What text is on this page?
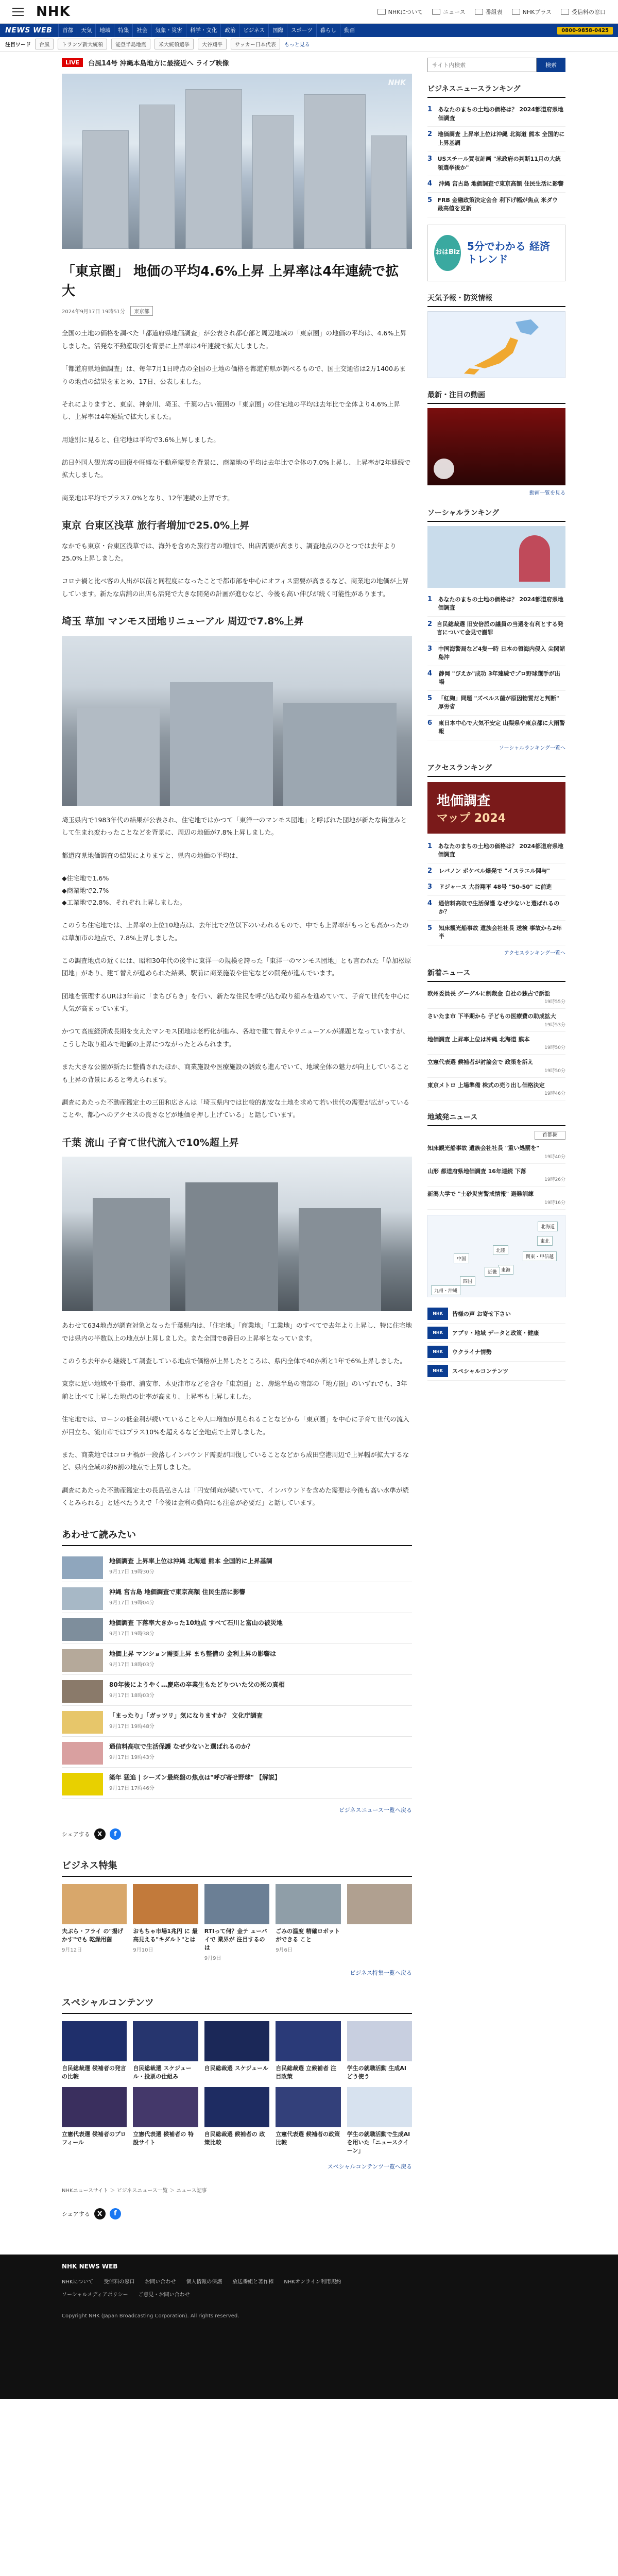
NHK	NHKについて	ニュース	番組表	NHKプラス	受信料の窓口
NEWS WEB	首都	天気	地域	特集	社会	気象・災害	科学・文化	政治	ビジネス	国際	スポーツ	暮らし	動画	0800-9858-0425
注目ワード	台風	トランプ新大統領	能登半島地震	米大統領選挙	大谷翔平	サッカー日本代表	もっと見る
LIVE	台風14号 沖縄本島地方に最接近へ ライブ映像
NHK
「東京圏」 地価の平均4.6%上昇 上昇率は4年連続で拡大
2024年9月17日 19時51分	東京都

全国の土地の価格を調べた「都道府県地価調査」が公表され都心部と周辺地域の「東京圏」の地価の平均は、4.6%上昇しました。活発な不動産取引を背景に上昇率は4年連続で拡大しました。

「都道府県地価調査」は、毎年7月1日時点の全国の土地の価格を都道府県が調べるもので、国土交通省は2万1400あまりの地点の結果をまとめ、17日、公表しました。

それによりますと、東京、神奈川、埼玉、千葉の占い範囲の「東京圏」の住宅地の平均は去年比で全体より4.6%上昇し、上昇率は4年連続で拡大しました。

用途別に見ると、住宅地は平均で3.6%上昇しました。

訪日外国人観光客の回復や旺盛な不動産需要を背景に、商業地の平均は去年比で全体の7.0%上昇し、上昇率が2年連続で拡大しました。

商業地は平均でプラス7.0%となり、12年連続の上昇です。

東京 台東区浅草 旅行者増加で25.0%上昇

なかでも東京・台東区浅草では、海外を含めた旅行者の増加で、出店需要が高まり、調査地点のひとつでは去年より25.0%上昇しました。

コロナ禍と比べ客の人出が以前と同程度になったことで都市部を中心にオフィス需要が高まるなど、商業地の地価が上昇しています。新たな店舗の出店も活発で大きな開発の計画が進むなど、今後も高い伸びが続く可能性があります。

埼玉 草加 マンモス団地リニューアル 周辺で7.8%上昇

埼玉県内で1983年代の結果が公表され、住宅地ではかつて「東洋一のマンモス団地」と呼ばれた団地が新たな街並みとして生まれ変わったことなどを背景に、周辺の地価が7.8%上昇しました。

都道府県地価調査の結果によりますと、県内の地価の平均は、

◆住宅地で1.6%
◆商業地で2.7%
◆工業地で2.8%、それぞれ上昇しました。

このうち住宅地では、上昇率の上位10地点は、去年比で2位以下のいわれるもので、中でも上昇率がもっとも高かったのは草加市の地点で、7.8%上昇しました。

この調査地点の近くには、昭和30年代の後半に東洋一の規模を誇った「東洋一のマンモス団地」とも言われた「草加松原団地」があり、建て替えが進められた結果、駅前に商業施設や住宅などの開発が進んでいます。

団地を管理するURは3年前に「まちびらき」を行い、新たな住民を呼び込む取り組みを進めていて、子育て世代を中心に人気が高まっています。

かつて高度経済成長期を支えたマンモス団地は老朽化が進み、各地で建て替えやリニューアルが課題となっていますが、こうした取り組みで地価の上昇につながったとみられます。

また大きな公園が新たに整備されたほか、商業施設や医療施設の誘致も進んでいて、地域全体の魅力が向上していることも上昇の背景にあると考えられます。

調査にあたった不動産鑑定士の三田和広さんは「埼玉県内では比較的割安な土地を求めて若い世代の需要が広がっていることや、都心へのアクセスの良さなどが地価を押し上げている」と話しています。

千葉 流山 子育て世代流入で10%超上昇

あわせて634地点が調査対象となった千葉県内は、「住宅地」「商業地」「工業地」のすべてで去年より上昇し、特に住宅地では県内の半数以上の地点が上昇しました。また全国で8番目の上昇率となっています。

このうち去年から継続して調査している地点で価格が上昇したところは、県内全体で40か所と1年で6%上昇しました。

東京に近い地域や千葉市、浦安市、木更津市などを含む「東京圏」と、房総半島の南部の「地方圏」のいずれでも、3年前と比べて上昇した地点の比率が高まり、上昇率も上昇しました。

住宅地では、ローンの低金利が続いていることや人口増加が見られることなどから「東京圏」を中心に子育て世代の流入が目立ち、流山市ではプラス10%を超えるなど全地点で上昇しました。

また、商業地ではコロナ禍が一段落しインバウンド需要が回復していることなどから成田空港周辺で上昇幅が拡大するなど、県内全域の約6割の地点で上昇しました。

調査にあたった不動産鑑定士の長島弘さんは「円安傾向が続いていて、インバウンドを含めた需要は今後も高い水準が続くとみられる」と述べたうえで「今後は金利の動向にも注意が必要だ」と話しています。

あわせて読みたい
地価調査 上昇率上位は沖縄 北海道 熊本 全国的に上昇基調
9月17日 19時30分
沖縄 宮古島 地価調査で東京高額 住民生活に影響
9月17日 19時04分
地価調査 下落率大きかった10地点 すべて石川と富山の被災地
9月17日 19時38分
地価上昇 マンション需要上昇 まち整備の 金利上昇の影響は
9月17日 18時03分
80年後にようやく…慶応の卒業生もたどりついた父の死の真相
9月17日 18時03分
「まったり」「ガッツリ」気になりますか？ 文化庁調査
9月17日 19時48分
通信料高収で生活保護 なぜ少ないと選ばれるのか？
9月17日 19時43分
築年 猛追 | シーズン最終盤の焦点は"呼び寄せ野球" 【解説】
9月17日 17時46分
ビジネスニュース一覧へ戻る
シェアする	X	f
ビジネス特集
夫ぶら・フライ の"揚げかす"でも 乾燥用菌
9月12日
おもちゃ市場1兆円 に 最高見える"キダルト"とは
9月10日
RTIって何？金テ ューバイで 業界が 注目するのは
9月9日
ごみの温度 精確ロボットができる こと
9月6日
ビジネス特集一覧へ戻る
スペシャルコンテンツ
自民総裁選 候補者の発言の比較
自民総裁選 スケジュール・投票の仕組み
自民総裁選 スケジュール 自民総裁選 立候補者 注目政策
学生の就職活動 生成AI どう使う
立憲代表選 候補者のプロフィール
立憲代表選 候補者の 特設サイト
自民総裁選 候補者の 政策比較
立憲代表選 候補者の政策比較
学生の就職活動で生成AIを用いた「ニュースクイーン」
スペシャルコンテンツ一覧へ戻る
NHKニュースサイト ＞ ビジネスニュース一覧 ＞ ニュース記事
シェアする	X	f
サイト内検索
検索
ビジネスニュースランキング
1	あなたのまちの土地の価格は？ 2024都道府県地価調査
2 地価調査 上昇率上位は沖縄 北海道 熊本 全国的に上昇基調
3 USスチール買収計画 "米政府の判断11月の大統領選挙後か"
4	沖縄 宮古島 地価調査で東京高額 住民生活に影響
5 FRB 金融政策決定会合 利下げ幅が焦点 米ダウ 最高値を更新
おはBiz
5分でわかる 経済トレンド
天気予報・防災情報
最新・注目の動画
動画一覧を見る
ソーシャルランキング
1	あなたのまちの土地の価格は？ 2024都道府県地価調査
2 自民総裁選 旧安倍派の議員の当選を有利とする発言について会見で謝罪
3	中国海警局など4隻一時 日本の領海内侵入 尖閣諸島沖
4	静岡 "ぴえか"成功 3年連続でプロ野球選手が出場
5	「紅麹」問題 "ズベルス菌が原因物質だと判断" 厚労省
6	東日本中心で大気不安定 山梨県や東京都に大雨警報
ソーシャルランキング一覧へ
アクセスランキング
地価調査
マップ 2024
1	あなたのまちの土地の価格は？ 2024都道府県地価調査
2	レバノン ポケベル爆発で "イスラエル関与"
3	ドジャース 大谷翔平 48号 "50-50" に前進
4	通信料高収で生活保護 なぜ少ないと選ばれるのか？
5	知床観光船事故 遺族会社社長 送検 事故から2年半
アクセスランキング一覧へ
新着ニュース
欧州委員長 グーグルに制裁金 自社の独占で訴訟
19時55分
さいたま市 下半期から 子どもの医療費の助成拡大
19時53分
地価調査 上昇率上位は沖縄 北海道 熊本
19時50分
立憲代表選 候補者が討論会で 政策を訴え
19時50分
東京メトロ 上場準備 株式の売り出し価格決定
19時46分
地域発ニュース
首都圏
知床観光船事故 遺族会社社長 "重い処罰を"
19時40分
山形 都道府県地価調査 16年連続 下落
19時26分
新潟大学で "土砂災害警戒情報" 避難訓練
19時16分
北海道
東北
関東・甲信越
東海
北陸
近畿
中国
四国
九州・沖縄
NHK	皆様の声 お寄せ下さい
NHK	アプリ・地域 データと政策・健康
NHK	ウクライナ情勢
NHK	スペシャルコンテンツ
NHK NEWS WEB
NHKについて 受信料の窓口 お問い合わせ 個人情報の保護 放送番組と著作権 NHKオンライン利用規約
ソーシャルメディアポリシー ご意見・お問い合わせ
Copyright NHK (Japan Broadcasting Corporation). All rights reserved.
